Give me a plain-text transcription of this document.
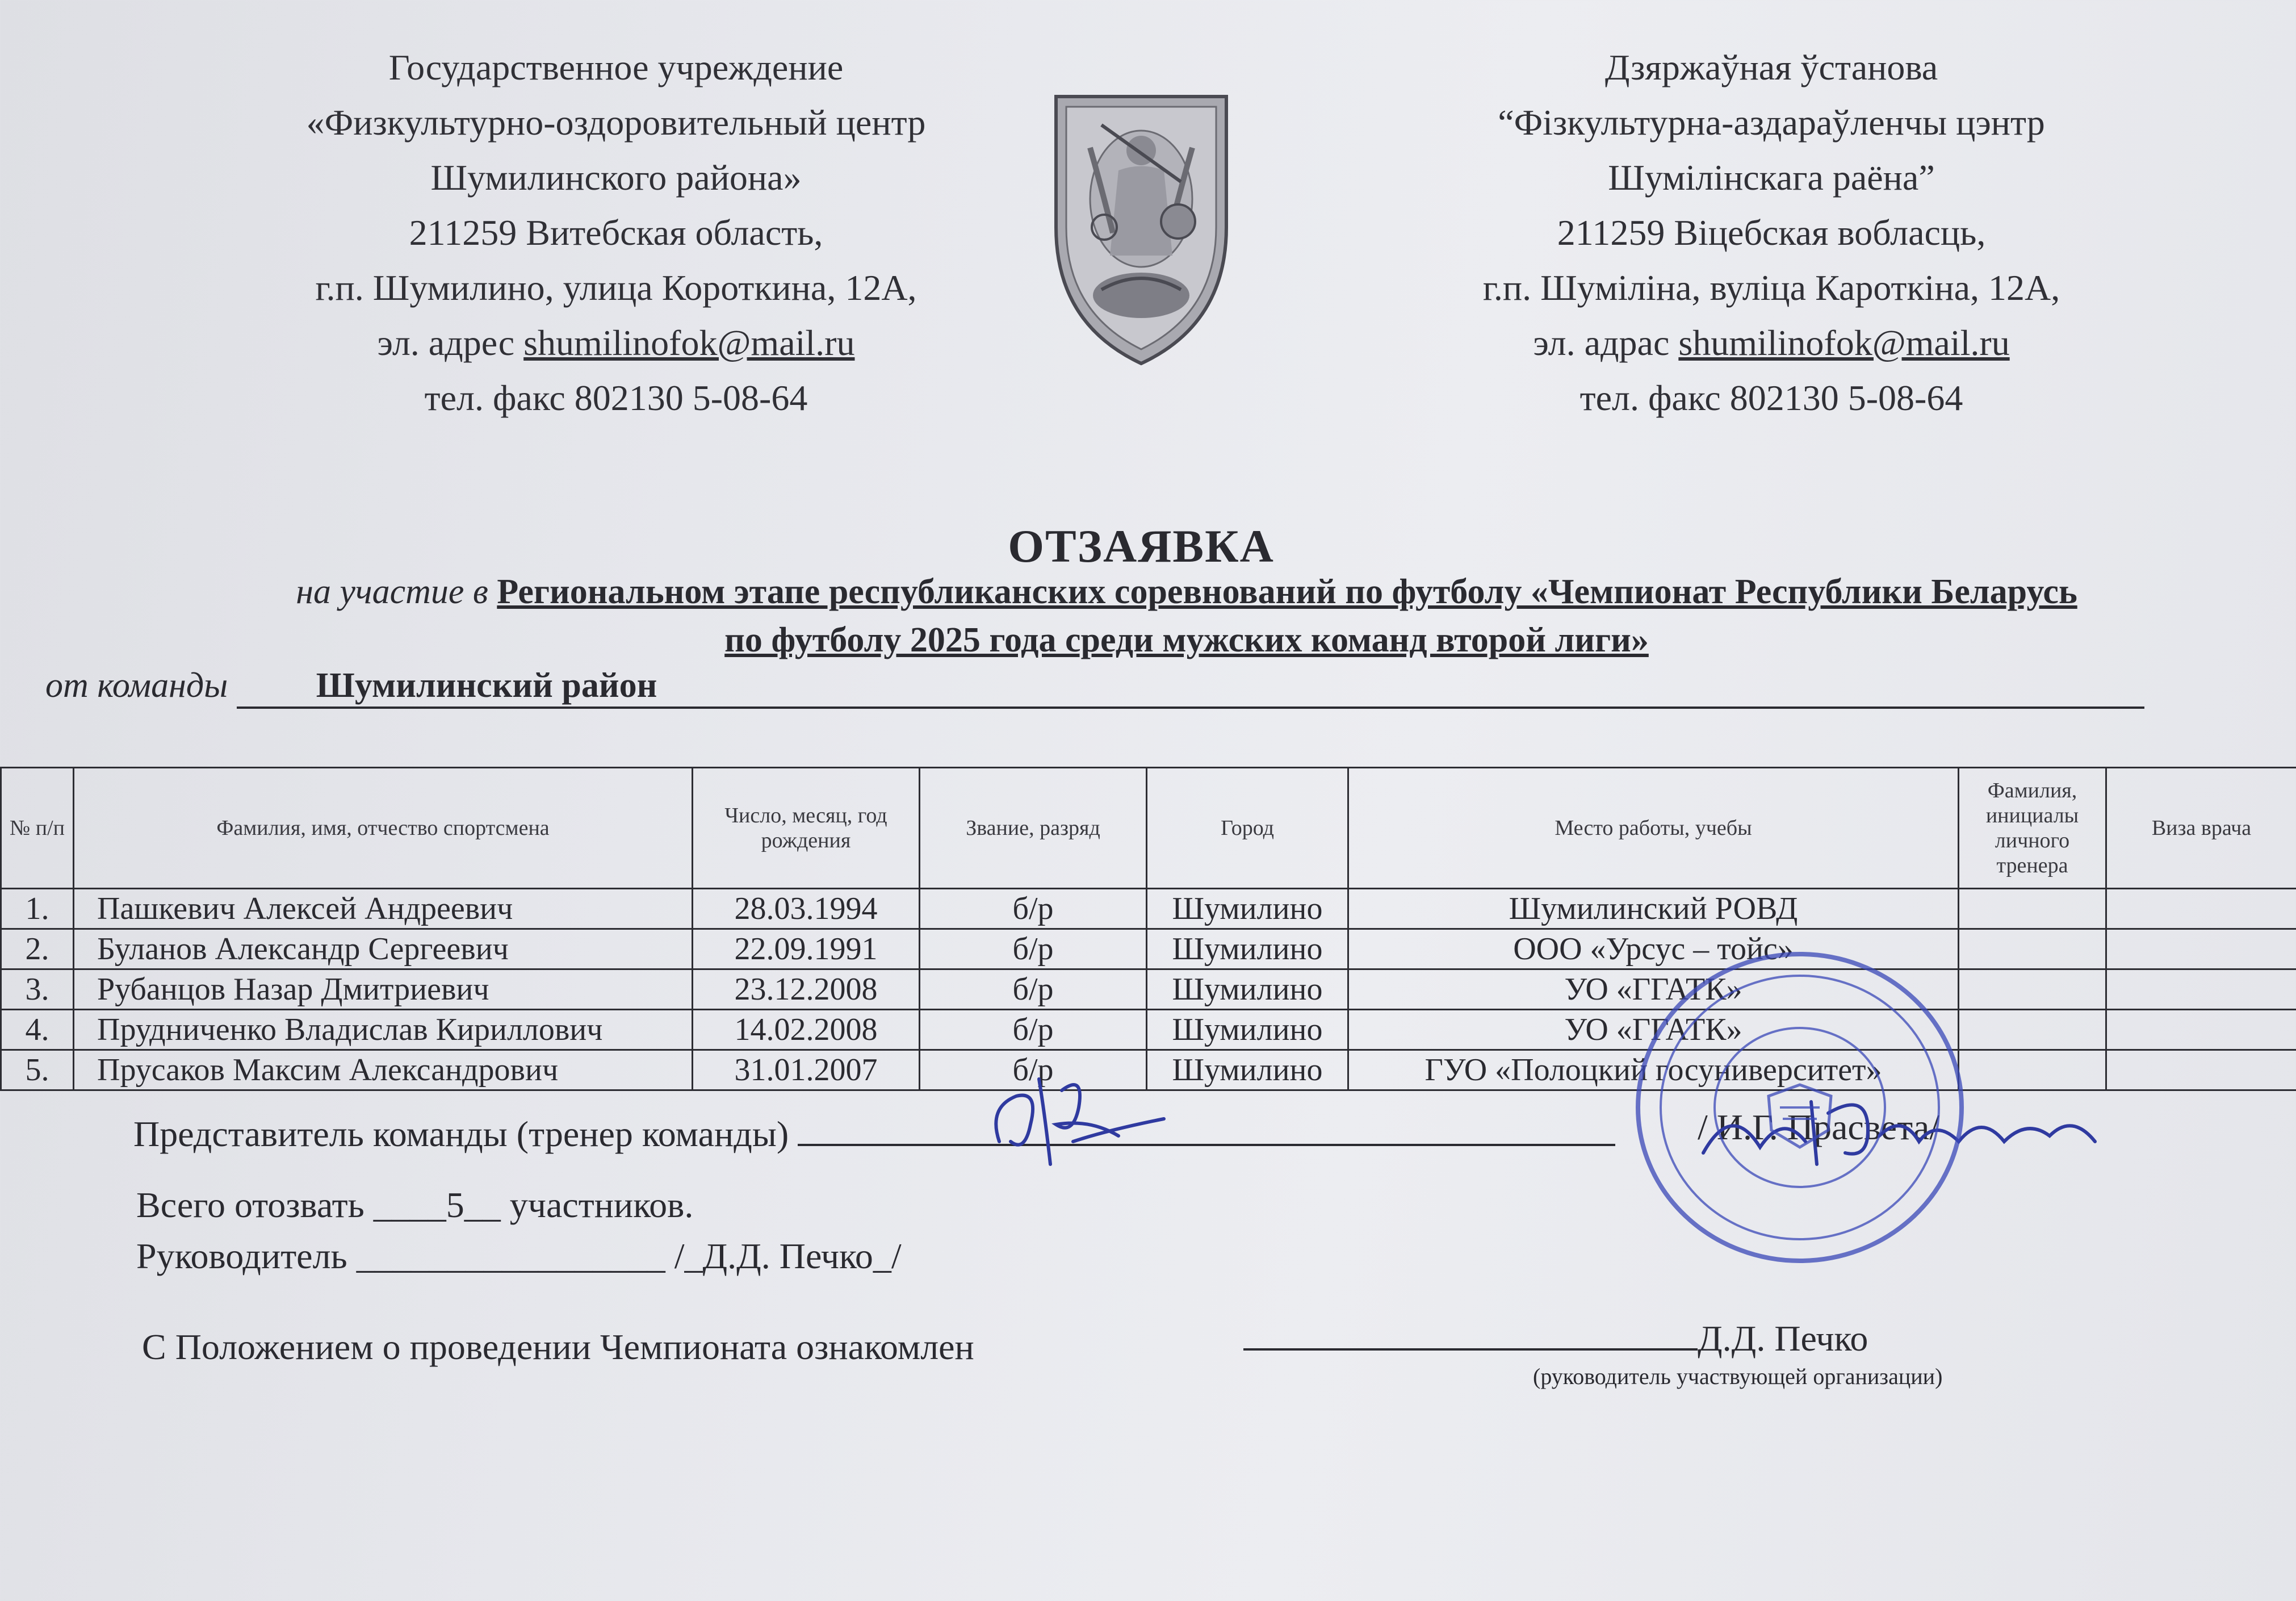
Государственное учреждение
«Физкультурно-оздоровительный центр
Шумилинского района»
211259 Витебская область,
г.п. Шумилино, улица Короткина, 12А,
эл. адрес shumilinofok@mail.ru
тел. факс 802130 5-08-64
Дзяржаўная ўстанова
“Фізкультурна-аздараўленчы цэнтр
Шумілінскага раёна”
211259 Віцебская вобласць,
г.п. Шуміліна, вуліца Кароткіна, 12А,
эл. адрас shumilinofok@mail.ru
тел. факс 802130 5-08-64
ОТЗАЯВКА
на участие в Региональном этапе республиканских соревнований по футболу «Чемпионат Республики Беларусь
по футболу 2025 года среди мужских команд второй лиги»
от команды Шумилинский район
№ п/п	Фамилия, имя, отчество спортсмена	Число, месяц, год рождения	Звание, разряд	Город	Место работы, учебы	Фамилия, инициалы личного тренера	Виза врача
1.	Пашкевич Алексей Андреевич	28.03.1994	б/р	Шумилино	Шумилинский РОВД		
2.	Буланов Александр Сергеевич	22.09.1991	б/р	Шумилино	ООО «Урсус – тойс»		
3.	Рубанцов Назар Дмитриевич	23.12.2008	б/р	Шумилино	УО «ГГАТК»		
4.	Прудниченко Владислав Кириллович	14.02.2008	б/р	Шумилино	УО «ГГАТК»		
5.	Прусаков Максим Александрович	31.01.2007	б/р	Шумилино	ГУО «Полоцкий госуниверситет»		
Представитель команды (тренер команды)	/ И.Г. Прасвета/
Всего отозвать ____5__ участников.
Руководитель _________________ /_Д.Д. Печко_/
С Положением о проведении Чемпионата ознакомлен	Д.Д. Печко
(руководитель участвующей организации)
